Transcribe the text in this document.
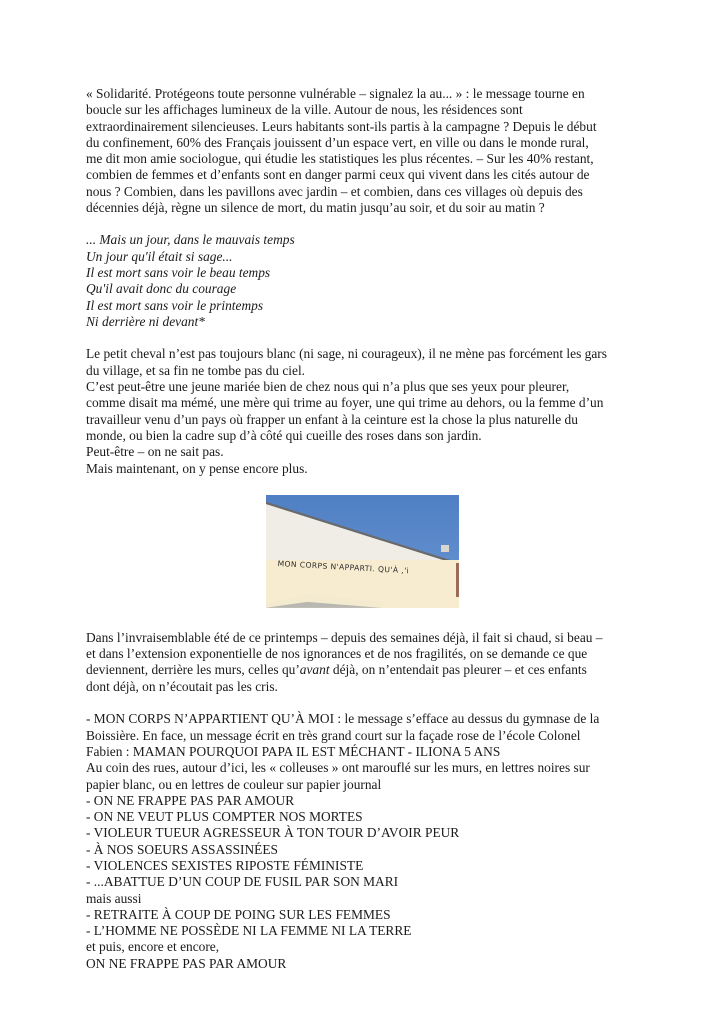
« Solidarité. Protégeons toute personne vulnérable – signalez la au... » : le message tourne en
boucle sur les affichages lumineux de la ville. Autour de nous, les résidences sont
extraordinairement silencieuses. Leurs habitants sont-ils partis à la campagne ? Depuis le début
du confinement, 60% des Français jouissent d’un espace vert, en ville ou dans le monde rural,
me dit mon amie sociologue, qui étudie les statistiques les plus récentes. – Sur les 40% restant,
combien de femmes et d’enfants sont en danger parmi ceux qui vivent dans les cités autour de
nous ? Combien, dans les pavillons avec jardin – et combien, dans ces villages où depuis des
décennies déjà, règne un silence de mort, du matin jusqu’au soir, et du soir au matin ?

... Mais un jour, dans le mauvais temps
Un jour qu'il était si sage...
Il est mort sans voir le beau temps
Qu'il avait donc du courage
Il est mort sans voir le printemps
Ni derrière ni devant*

Le petit cheval n’est pas toujours blanc (ni sage, ni courageux), il ne mène pas forcément les gars
du village, et sa fin ne tombe pas du ciel.
C’est peut-être une jeune mariée bien de chez nous qui n’a plus que ses yeux pour pleurer,
comme disait ma mémé, une mère qui trime au foyer, une qui trime au dehors, ou la femme d’un
travailleur venu d’un pays où frapper un enfant à la ceinture est la chose la plus naturelle du
monde, ou bien la cadre sup d’à côté qui cueille des roses dans son jardin.
Peut-être – on ne sait pas.
Mais maintenant, on y pense encore plus.

MON CORPS N'APPARTI. QU'À ,'i

Dans l’invraisemblable été de ce printemps – depuis des semaines déjà, il fait si chaud, si beau –
et dans l’extension exponentielle de nos ignorances et de nos fragilités, on se demande ce que
deviennent, derrière les murs, celles qu’avant déjà, on n’entendait pas pleurer – et ces enfants
dont déjà, on n’écoutait pas les cris.

- MON CORPS N’APPARTIENT QU’À MOI : le message s’efface au dessus du gymnase de la
Boissière. En face, un message écrit en très grand court sur la façade rose de l’école Colonel
Fabien : MAMAN POURQUOI PAPA IL EST MÉCHANT - ILIONA 5 ANS
Au coin des rues, autour d’ici, les « colleuses » ont marouflé sur les murs, en lettres noires sur
papier blanc, ou en lettres de couleur sur papier journal

- ON NE FRAPPE PAS PAR AMOUR
- ON NE VEUT PLUS COMPTER NOS MORTES
- VIOLEUR TUEUR AGRESSEUR À TON TOUR D’AVOIR PEUR
- À NOS SOEURS ASSASSINÉES
- VIOLENCES SEXISTES RIPOSTE FÉMINISTE
- ...ABATTUE D’UN COUP DE FUSIL PAR SON MARI
mais aussi
- RETRAITE À COUP DE POING SUR LES FEMMES
- L’HOMME NE POSSÈDE NI LA FEMME NI LA TERRE
et puis, encore et encore,
ON NE FRAPPE PAS PAR AMOUR
